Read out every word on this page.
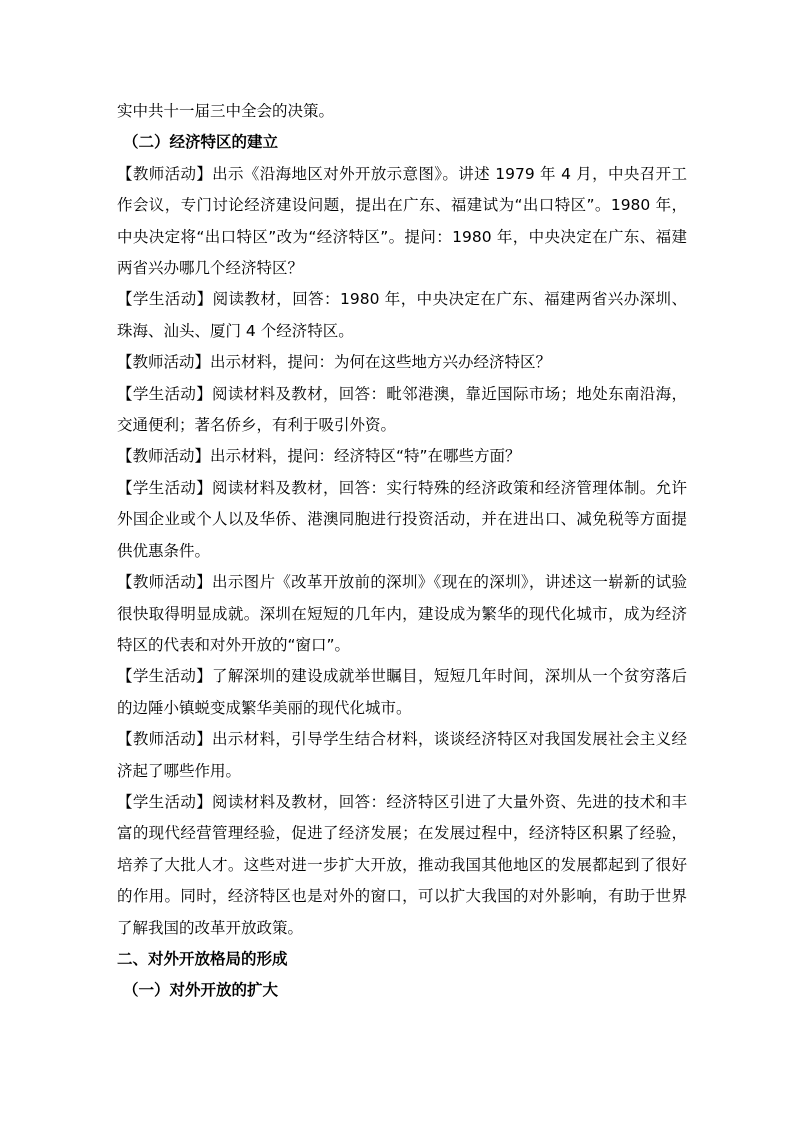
实中共十一届三中全会的决策。

（二）经济特区的建立

【教师活动】出示《沿海地区对外开放示意图》。讲述 1979 年 4 月，中央召开工作会议，专门讨论经济建设问题，提出在广东、福建试为“出口特区”。1980 年，中央决定将“出口特区”改为“经济特区”。提问：1980 年，中央决定在广东、福建两省兴办哪几个经济特区？

【学生活动】阅读教材，回答：1980 年，中央决定在广东、福建两省兴办深圳、珠海、汕头、厦门 4 个经济特区。

【教师活动】出示材料，提问：为何在这些地方兴办经济特区？

【学生活动】阅读材料及教材，回答：毗邻港澳，靠近国际市场；地处东南沿海，交通便利；著名侨乡，有利于吸引外资。

【教师活动】出示材料，提问：经济特区“特”在哪些方面？

【学生活动】阅读材料及教材，回答：实行特殊的经济政策和经济管理体制。允许外国企业或个人以及华侨、港澳同胞进行投资活动，并在进出口、减免税等方面提供优惠条件。

【教师活动】出示图片《改革开放前的深圳》《现在的深圳》，讲述这一崭新的试验很快取得明显成就。深圳在短短的几年内，建设成为繁华的现代化城市，成为经济特区的代表和对外开放的“窗口”。

【学生活动】了解深圳的建设成就举世瞩目，短短几年时间，深圳从一个贫穷落后的边陲小镇蜕变成繁华美丽的现代化城市。

【教师活动】出示材料，引导学生结合材料，谈谈经济特区对我国发展社会主义经济起了哪些作用。

【学生活动】阅读材料及教材，回答：经济特区引进了大量外资、先进的技术和丰富的现代经营管理经验，促进了经济发展；在发展过程中，经济特区积累了经验，培养了大批人才。这些对进一步扩大开放，推动我国其他地区的发展都起到了很好的作用。同时，经济特区也是对外的窗口，可以扩大我国的对外影响，有助于世界了解我国的改革开放政策。

二、对外开放格局的形成

（一）对外开放的扩大
